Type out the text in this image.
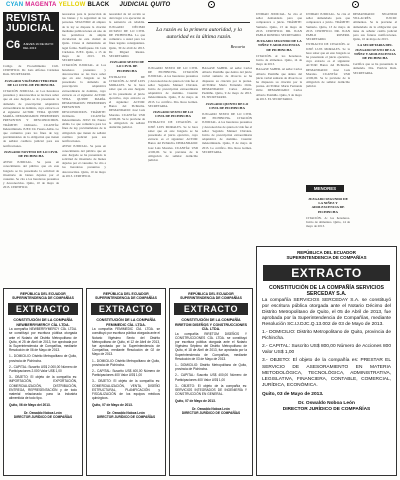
CYAN MAGENTA YELLOW BLACK JUDICIAL QUITO
REVISTA
JUDICIAL
C6 JUEVES 16 DE MAYO DEL 2013

Código de Procedimiento Civil. CERTIFICO. Dr. Luis Alfonso Cárdenas Ruiz. SECRETARIO.

JUZGADO VIGÉSIMO TERCERO DE LO CIVIL DE PICHINCHA

CITACIÓN JUDICIAL. A: Los herederos presuntos y desconocidos se les hace saber que en este Juzgado se ha presentado la demanda de prescripción adquisitiva extraordinaria de dominio, cuyo extracto es el siguiente: ACTOR: VERA QUIJIJE MARÍA. DEMANDADOS: HEREDEROS PRESUNTOS Y DESCONOCIDOS. TRÁMITE: Ordinario. CUANTÍA: Indeterminada. JUEZ: Dr. Fausto Aldás. Lo que comunico para los fines de ley, previniéndoles de la obligación que tienen de señalar casillero judicial para sus notificaciones.

JUZGADO NOVENO DE LO CIVIL DE PICHINCHA

AVISO JUDICIAL. Se pone en conocimiento del público que en este Juzgado se ha presentado la solicitud de inventario de bienes dejados por el causante. Se cita a los herederos presuntos y desconocidos. Quito, 10 de mayo de 2013. CERTIFICO.

necesarias para la protección de los bienes y la seguridad de las personas. SEGUNDO: Al amparo de la ley se dispone la citación mediante publicaciones en uno de los periódicos de amplia circulación de esta ciudad de Quito. Cítese al demandado en legal forma. Notifíquese. Dr. Luis Cárdenas. JUEZ. Quito, a 15 de mayo de 2013. EL SECRETARIO.

CITACIÓN JUDICIAL. A: Los herederos presuntos y desconocidos se les hace saber que en este Juzgado se ha presentado la demanda de prescripción adquisitiva extraordinaria de dominio, cuyo extracto es el siguiente: ACTOR: VERA QUIJIJE MARÍA. DEMANDADOS: HEREDEROS PRESUNTOS Y DESCONOCIDOS. TRÁMITE: Ordinario. CUANTÍA: Indeterminada. JUEZ: Dr. Fausto Aldás. Lo que comunico para los fines de ley, previniéndoles de la obligación que tienen de señalar casillero judicial para sus notificaciones.

AVISO JUDICIAL. Se pone en conocimiento del público que en este Juzgado se ha presentado la solicitud de inventario de bienes dejados por el causante. Se cita a los herederos presuntos y desconocidos. Quito, 10 de mayo de 2013. CERTIFICO.

necesidad de tal acción se dará lugar a la ejecución de la sentencia en rebeldía. JUZGADO DÉCIMO OCTAVO DE LO CIVIL DE PICHINCHA. Lo que comunico a usted para los fines legales consiguientes. Quito, 30 de abril de 2013. Dr. Miguel Ruales. SECRETARIO.

JUZGADO SEXTO DE LO CIVIL DE PICHINCHA

EXTRACTO DE CITACIÓN. A: JOSÉ LUIS MORALES. Se le hace saber que en este Juzgado se ha presentado el juicio ejecutivo, cuyo extracto es el siguiente: ACTOR: Banco del Pichincha. DEMANDADO: José Luis Morales. CUANTÍA: USD 4.500,00. Se le previene de la obligación de señalar domicilio judicial.

La razón es la primera autoridad, y la autoridad es la última razón.
Beccaria

JUZGADO SEXTO DE LO CIVIL DE PICHINCHA. CITACIÓN JUDICIAL. A los herederos presuntos y desconocidos de quien en vida fue el señor Segundo Manuel Chicaiza. Juicio de prescripción extraordinaria adquisitiva de dominio. Cuantía: indeterminada. Quito, 8 de mayo de 2013. Lo certifico. Dra. Rosa Gómez. SECRETARIA.

JUZGADO SEXTO DE LO CIVIL DE PICHINCHA

EXTRACTO DE CITACIÓN. A: JOSÉ LUIS MORALES. Se le hace saber que en este Juzgado se ha presentado el juicio ejecutivo, cuyo extracto es el siguiente: ACTOR: Banco del Pichincha. DEMANDADO: José Luis Morales. CUANTÍA: USD 4.500,00. Se le previene de la obligación de señalar domicilio judicial.

HAGASE SABER. Al señor Carlos Alberto Pazmiño que dentro del juicio verbal sumario de divorcio se ha dispuesto su citación por la prensa. ACTORA: María Fernanda Ortiz. DEMANDADO: Carlos Alberto Pazmiño. Quito, 9 de mayo de 2013. EL SECRETARIO.

JUZGADO QUINTO DE LO CIVIL DE PICHINCHA

JUZGADO SEXTO DE LO CIVIL DE PICHINCHA. CITACIÓN JUDICIAL. A los herederos presuntos y desconocidos de quien en vida fue el señor Segundo Manuel Chicaiza. Juicio de prescripción extraordinaria adquisitiva de dominio. Cuantía: indeterminada. Quito, 8 de mayo de 2013. Lo certifico. Dra. Rosa Gómez. SECRETARIA.

UNIDAD JUDICIAL. Se cita al señor demandado para que comparezca a juicio. TRÁMITE: Sumario. Quito, 13 de mayo de 2013. CERTIFICO. DR. JUAN PABLO ROSERO. SECRETARIO.

JUZGADO SEGUNDO DE LA NIÑEZ Y ADOLESCENCIA DE PICHINCHA

CITACIÓN. A: los herederos. Juicio de alimentos. Quito, 14 de mayo de 2013.

HAGASE SABER. Al señor Carlos Alberto Pazmiño que dentro del juicio verbal sumario de divorcio se ha dispuesto su citación por la prensa. ACTORA: María Fernanda Ortiz. DEMANDADO: Carlos Alberto Pazmiño. Quito, 9 de mayo de 2013. EL SECRETARIO.

UNIDAD JUDICIAL. Se cita al señor demandado para que comparezca a juicio. TRÁMITE: Sumario. Quito, 13 de mayo de 2013. CERTIFICO. DR. JUAN PABLO ROSERO. SECRETARIO.

EXTRACTO DE CITACIÓN. A: JOSÉ LUIS MORALES. Se le hace saber que en este Juzgado se ha presentado el juicio ejecutivo, cuyo extracto es el siguiente: ACTOR: Banco del Pichincha. DEMANDADO: José Luis Morales. CUANTÍA: USD 4.500,00. Se le previene de la obligación de señalar domicilio judicial.

MENORES
JUZGADO SEGUNDO DE LA NIÑEZ Y ADOLESCENCIA DE PICHINCHA

CITACIÓN. A: los herederos. Juicio de alimentos. Quito, 14 de mayo de 2013.

DEMANDADO: SEGUNDO VILLACRÉS. JUICIO: Alimentos. Se le previene al demandado de la obligación que tiene de señalar casilla judicial para sus futuras notificaciones. Quito, 10 de mayo de 2013.

LA SECRETARIA DEL JUZGADO SEXTO DE LA NIÑEZ Y ADOLESCENCIA DE PICHINCHA

Certifica que se ha presentado la demanda. Dra. Patricia Ruiz. SECRETARIA.

REPÚBLICA DEL ECUADOR
SUPERINTENDENCIA DE COMPAÑÍAS
EXTRACTO
CONSTITUCIÓN DE LA COMPAÑÍA SERVICIOS SERCEDAY S.A.
La compañía SERVICIOS SERCEDAY S.A. se constituyó por escritura pública otorgada ante el Notario Décimo del Distrito Metropolitano de Quito, el 05 de Abril de 2013, fue aprobada por la Superintendencia de Compañías, mediante Resolución SC.IJ.DJC.Q.13.002 de 03 de Mayo de 2013.
1.- DOMICILIO: Distrito Metropolitano de Quito, provincia de Pichincha.
2.- CAPITAL: Suscrito US$ 800,00 Número de Acciones 800 Valor US$ 1,00
3.- OBJETO: El objeto de la compañía es: PRESTAR EL SERVICIO DE ASESORAMIENTO EN MATERIA METODOLÓGICA, TECNOLÓGICA, ADMINISTRATIVA, LEGISLATIVA, FINANCIERA, CONTABLE, COMERCIAL, JURÍDICA, ECONÓMICA.
Quito, 03 de Mayo de 2013.
Dr. Oswaldo Noboa León
DIRECTOR JURÍDICO DE COMPAÑÍAS
REPÚBLICA DEL ECUADOR
SUPERINTENDENCIA DE COMPAÑÍAS
EXTRACTO
CONSTITUCIÓN DE LA COMPAÑÍA NEWBERRYMERCY CÍA. LTDA.
La compañía NEWBERRYMERCY CÍA. LTDA. se constituyó por escritura pública otorgada ante el Notario del Distrito Metropolitano de Quito, el 25 de Abril de 2013, fue aprobada por la Superintendencia de Compañías, mediante Resolución de 06 de Mayo de 2013.
1.- DOMICILIO: Distrito Metropolitano de Quito, provincia de Pichincha.
2.- CAPITAL: Suscrito US$ 2.000,00 Número de Participaciones 2.000 Valor US$ 1,00
3.- OBJETO: El objeto de la compañía es: IMPORTACIÓN, EXPORTACIÓN, COMERCIALIZACIÓN, DISTRIBUCIÓN, ENTREGA, REPRESENTACIÓN y de todo material relacionado para la industria alimenticia de todo tipo.
Quito, 06 de Mayo del 2013.
Dr. Oswaldo Noboa León
DIRECTOR JURÍDICO DE COMPAÑÍAS
REPÚBLICA DEL ECUADOR
SUPERINTENDENCIA DE COMPAÑÍAS
EXTRACTO
CONSTITUCIÓN DE LA COMPAÑÍA FEMIMEDIC CÍA. LTDA.
La compañía FEMIMEDIC CÍA. LTDA. se constituyó por escritura pública otorgada ante el Notario Vigésimo Sexto del Distrito Metropolitano de Quito, el 12 de Abril de 2013, fue aprobada por la Superintendencia de Compañías, mediante Resolución de 02 de Mayo de 2013.
1.- DOMICILIO: Distrito Metropolitano de Quito, provincia de Pichincha.
2.- CAPITAL: Suscrito US$ 400,00 Número de Participaciones 400 Valor US$ 1,00
3.- OBJETO: El objeto de la compañía es: COMERCIALIZACIÓN, VENTA, DISEÑO ESTRUCTURAL, PLANIFICACIÓN y FISCALIZACIÓN de los equipos médicos quirúrgicos.
Quito, 07 de Mayo de 2013.
Dr. Oswaldo Noboa León
DIRECTOR JURÍDICO DE COMPAÑÍAS
REPÚBLICA DEL ECUADOR
SUPERINTENDENCIA DE COMPAÑÍAS
EXTRACTO
CONSTITUCIÓN DE LA COMPAÑÍA RIRETOM DISEÑOS Y CONSTRUCCIONES CÍA. LTDA.
La compañía RIRETOM DISEÑOS Y CONSTRUCCIONES CÍA. LTDA. se constituyó por escritura pública otorgada ante el Notario Vigésimo Séptimo del Distrito Metropolitano de Quito, el 18 de Abril de 2013, fue aprobada por la Superintendencia de Compañías, mediante Resolución de 03 de Mayo de 2013.
1.- DOMICILIO: Distrito Metropolitano de Quito, provincia de Pichincha.
2.- CAPITAL: Suscrito US$ 400,00 Número de Participaciones 400 Valor US$ 1,00
3.- OBJETO: El objeto de la compañía es: SERVICIOS INTEGRADOS DE INGENIERÍA Y CONSTRUCCIÓN EN GENERAL.
Quito, 07 de Mayo de 2013.
Dr. Oswaldo Noboa León
DIRECTOR JURÍDICO DE COMPAÑÍAS
